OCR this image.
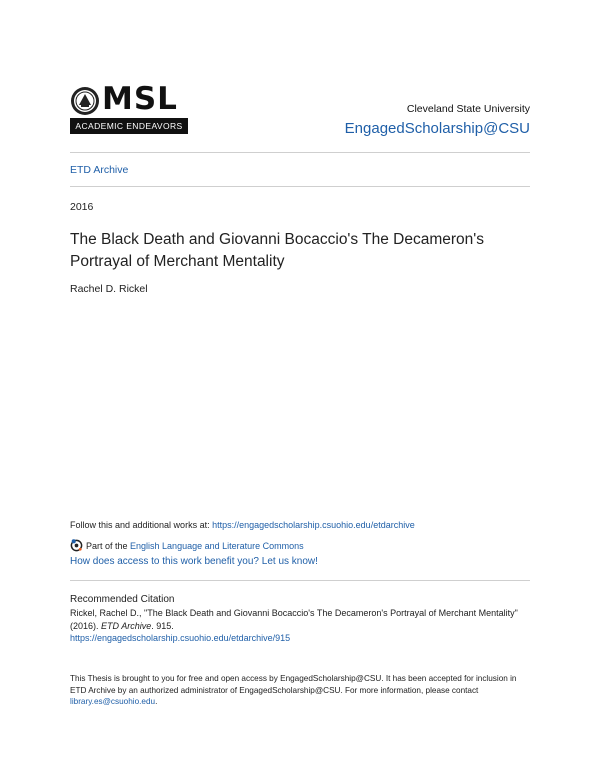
MSL
ACADEMIC ENDEAVORS
Cleveland State University
EngagedScholarship@CSU
ETD Archive
2016
The Black Death and Giovanni Bocaccio's The Decameron's Portrayal of Merchant Mentality
Rachel D. Rickel
Follow this and additional works at: https://engagedscholarship.csuohio.edu/etdarchive
Part of the English Language and Literature Commons
How does access to this work benefit you? Let us know!
Recommended Citation
Rickel, Rachel D., "The Black Death and Giovanni Bocaccio's The Decameron's Portrayal of Merchant Mentality" (2016). ETD Archive. 915.
https://engagedscholarship.csuohio.edu/etdarchive/915
This Thesis is brought to you for free and open access by EngagedScholarship@CSU. It has been accepted for inclusion in ETD Archive by an authorized administrator of EngagedScholarship@CSU. For more information, please contact library.es@csuohio.edu.
